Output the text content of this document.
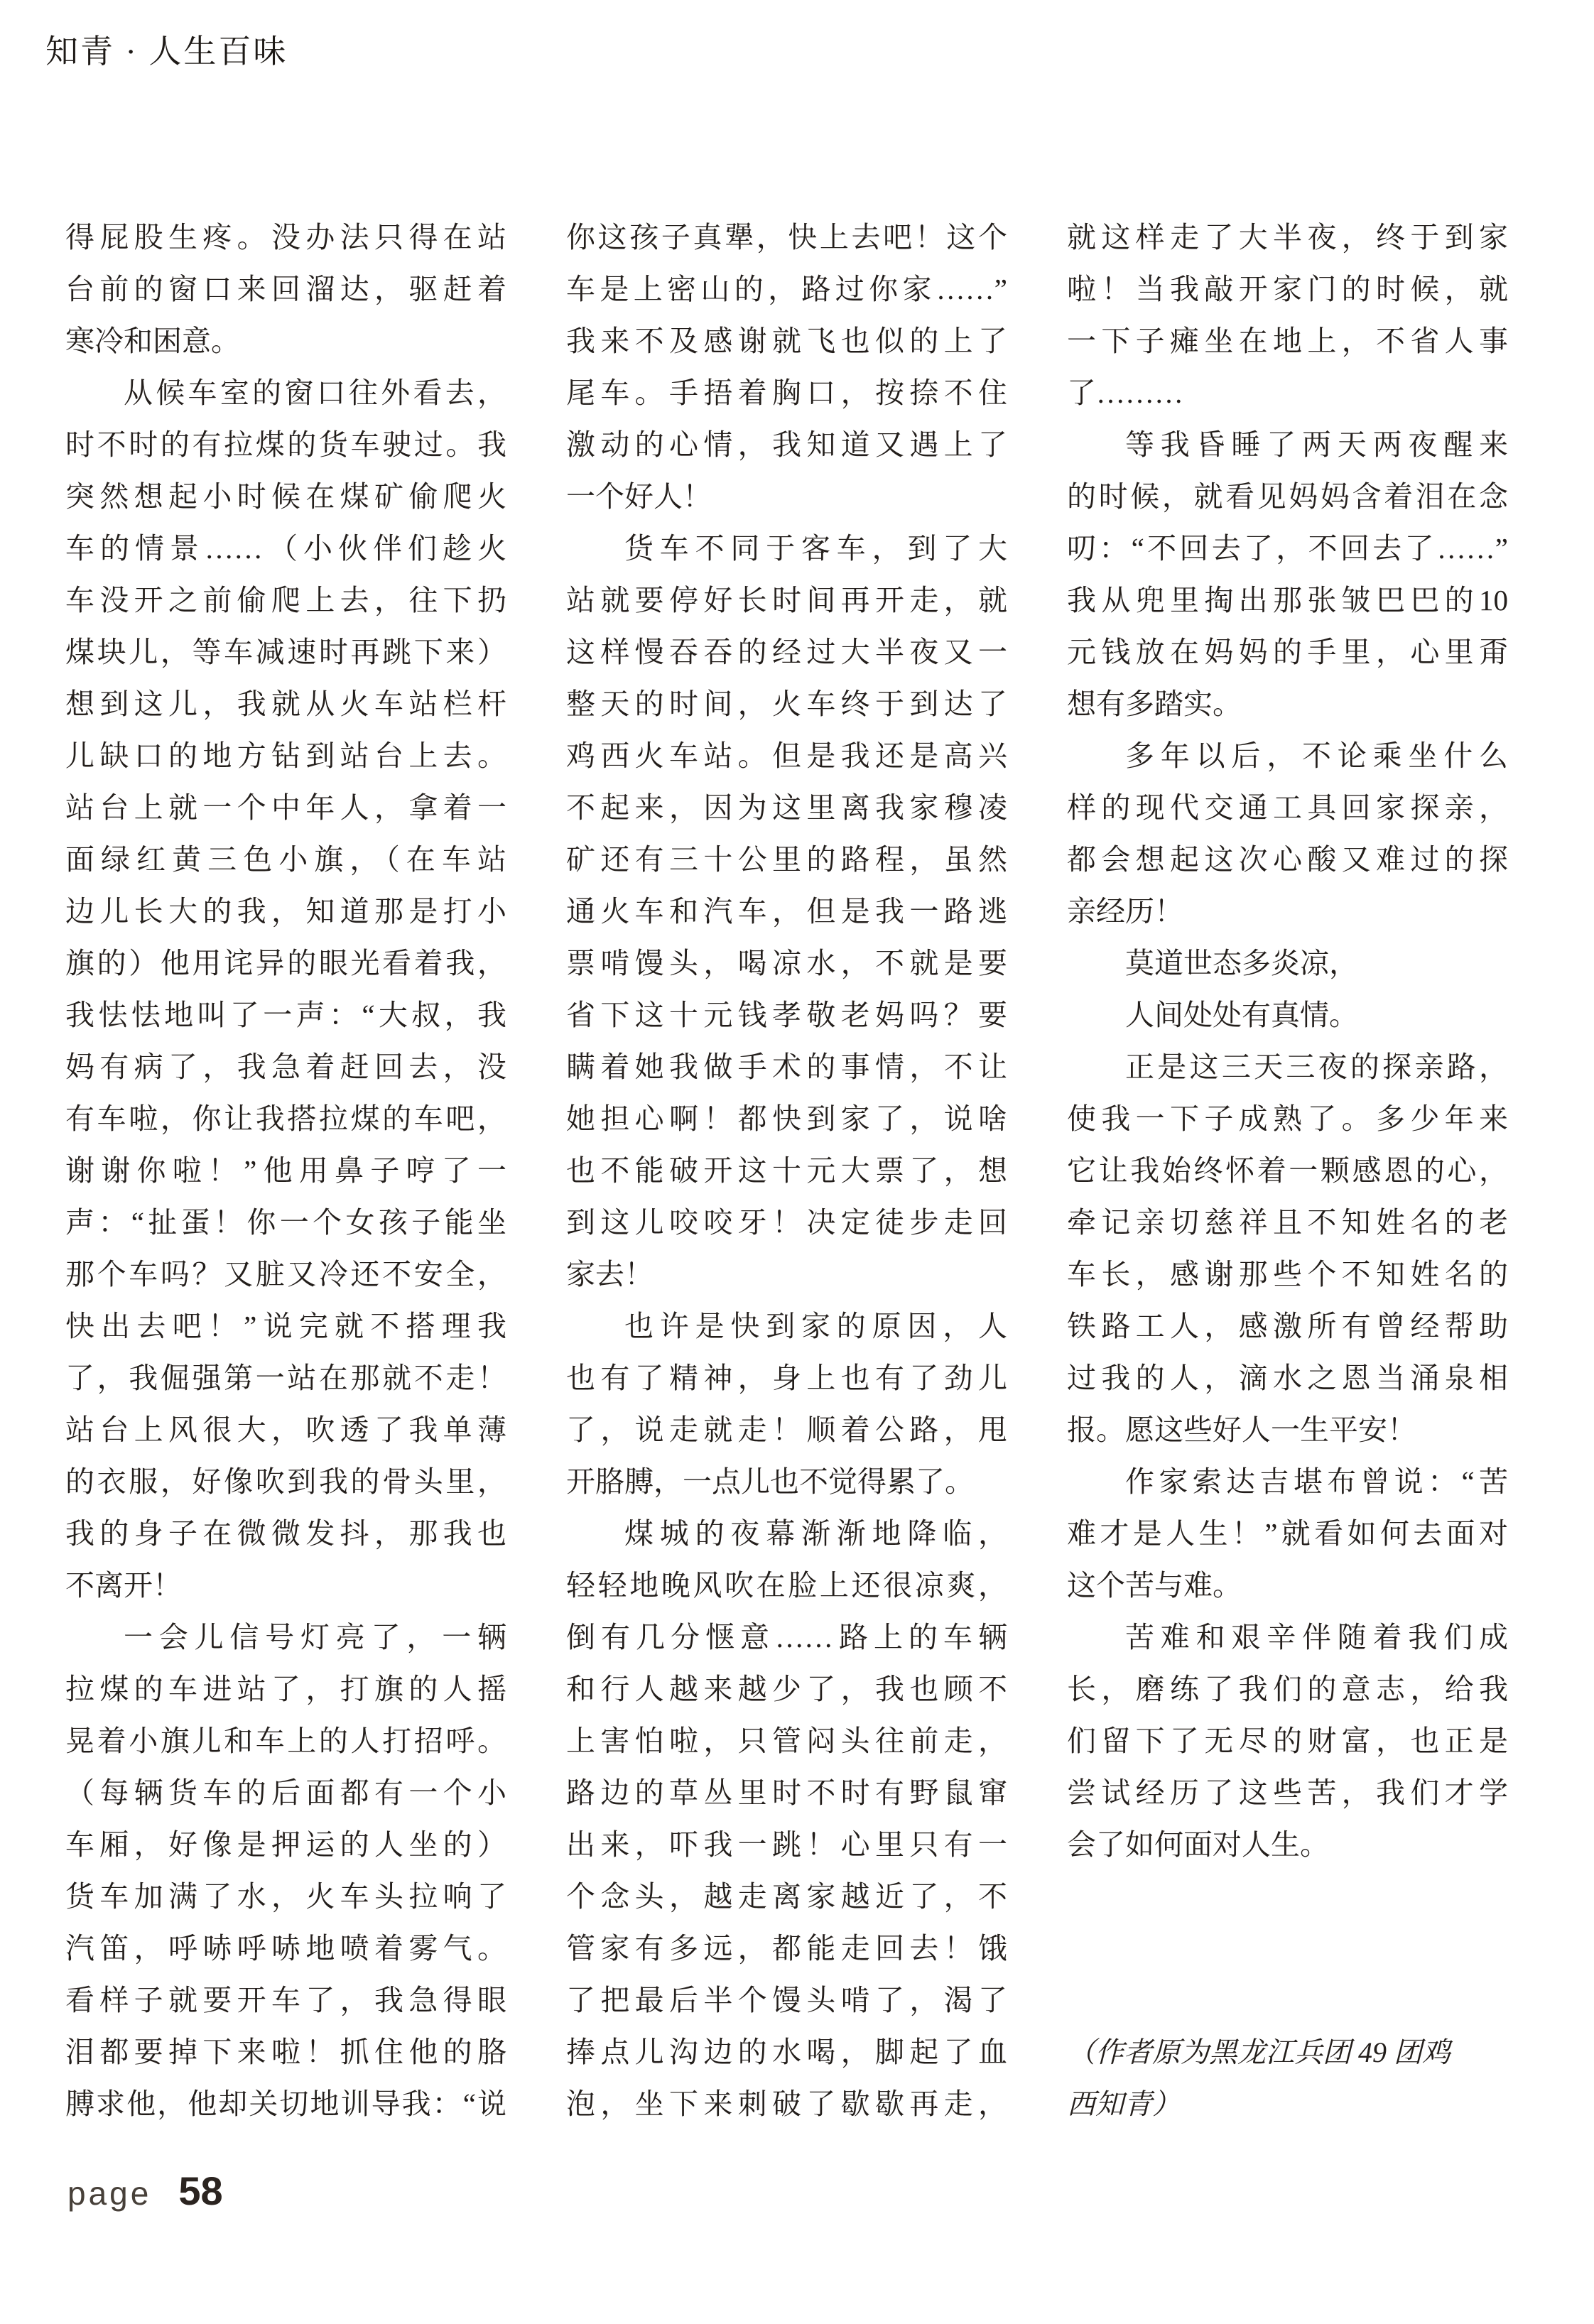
知青 · 人生百味
得屁股生疼。没办法只得在站
台前的窗口来回溜达，驱赶着
寒冷和困意。
从候车室的窗口往外看去，
时不时的有拉煤的货车驶过。我
突然想起小时候在煤矿偷爬火
车的情景……（小伙伴们趁火
车没开之前偷爬上去，往下扔
煤块儿，等车减速时再跳下来）
想到这儿，我就从火车站栏杆
儿缺口的地方钻到站台上去。
站台上就一个中年人，拿着一
面绿红黄三色小旗，（在车站
边儿长大的我，知道那是打小
旗的）他用诧异的眼光看着我，
我怯怯地叫了一声：“大叔，我
妈有病了，我急着赶回去，没
有车啦，你让我搭拉煤的车吧，
谢谢你啦！”他用鼻子哼了一
声：“扯蛋！你一个女孩子能坐
那个车吗？又脏又冷还不安全，
快出去吧！”说完就不搭理我
了，我倔强第一站在那就不走！
站台上风很大，吹透了我单薄
的衣服，好像吹到我的骨头里，
我的身子在微微发抖，那我也
不离开！
一会儿信号灯亮了，一辆
拉煤的车进站了，打旗的人摇
晃着小旗儿和车上的人打招呼。
（每辆货车的后面都有一个小
车厢，好像是押运的人坐的）
货车加满了水，火车头拉响了
汽笛，呼哧呼哧地喷着雾气。
看样子就要开车了，我急得眼
泪都要掉下来啦！抓住他的胳
膊求他，他却关切地训导我：“说
你这孩子真犟，快上去吧！这个
车是上密山的，路过你家……”
我来不及感谢就飞也似的上了
尾车。手捂着胸口，按捺不住
激动的心情，我知道又遇上了
一个好人！
货车不同于客车，到了大
站就要停好长时间再开走，就
这样慢吞吞的经过大半夜又一
整天的时间，火车终于到达了
鸡西火车站。但是我还是高兴
不起来，因为这里离我家穆凌
矿还有三十公里的路程，虽然
通火车和汽车，但是我一路逃
票啃馒头，喝凉水，不就是要
省下这十元钱孝敬老妈吗？要
瞒着她我做手术的事情，不让
她担心啊！都快到家了，说啥
也不能破开这十元大票了，想
到这儿咬咬牙！决定徒步走回
家去！
也许是快到家的原因，人
也有了精神，身上也有了劲儿
了，说走就走！顺着公路，甩
开胳膊，一点儿也不觉得累了。
煤城的夜幕渐渐地降临，
轻轻地晚风吹在脸上还很凉爽，
倒有几分惬意……路上的车辆
和行人越来越少了，我也顾不
上害怕啦，只管闷头往前走，
路边的草丛里时不时有野鼠窜
出来，吓我一跳！心里只有一
个念头，越走离家越近了，不
管家有多远，都能走回去！饿
了把最后半个馒头啃了，渴了
捧点儿沟边的水喝，脚起了血
泡，坐下来刺破了歇歇再走，
就这样走了大半夜，终于到家
啦！当我敲开家门的时候，就
一下子瘫坐在地上，不省人事
了………
等我昏睡了两天两夜醒来
的时候，就看见妈妈含着泪在念
叨：“不回去了，不回去了……”
我从兜里掏出那张皱巴巴的10
元钱放在妈妈的手里，心里甭
想有多踏实。
多年以后，不论乘坐什么
样的现代交通工具回家探亲，
都会想起这次心酸又难过的探
亲经历！
莫道世态多炎凉，
人间处处有真情。
正是这三天三夜的探亲路，
使我一下子成熟了。多少年来
它让我始终怀着一颗感恩的心，
牵记亲切慈祥且不知姓名的老
车长，感谢那些个不知姓名的
铁路工人，感激所有曾经帮助
过我的人，滴水之恩当涌泉相
报。愿这些好人一生平安！
作家索达吉堪布曾说：“苦
难才是人生！”就看如何去面对
这个苦与难。
苦难和艰辛伴随着我们成
长，磨练了我们的意志，给我
们留下了无尽的财富，也正是
尝试经历了这些苦，我们才学
会了如何面对人生。
（作者原为黑龙江兵团 49 团鸡
西知青）
page 58
